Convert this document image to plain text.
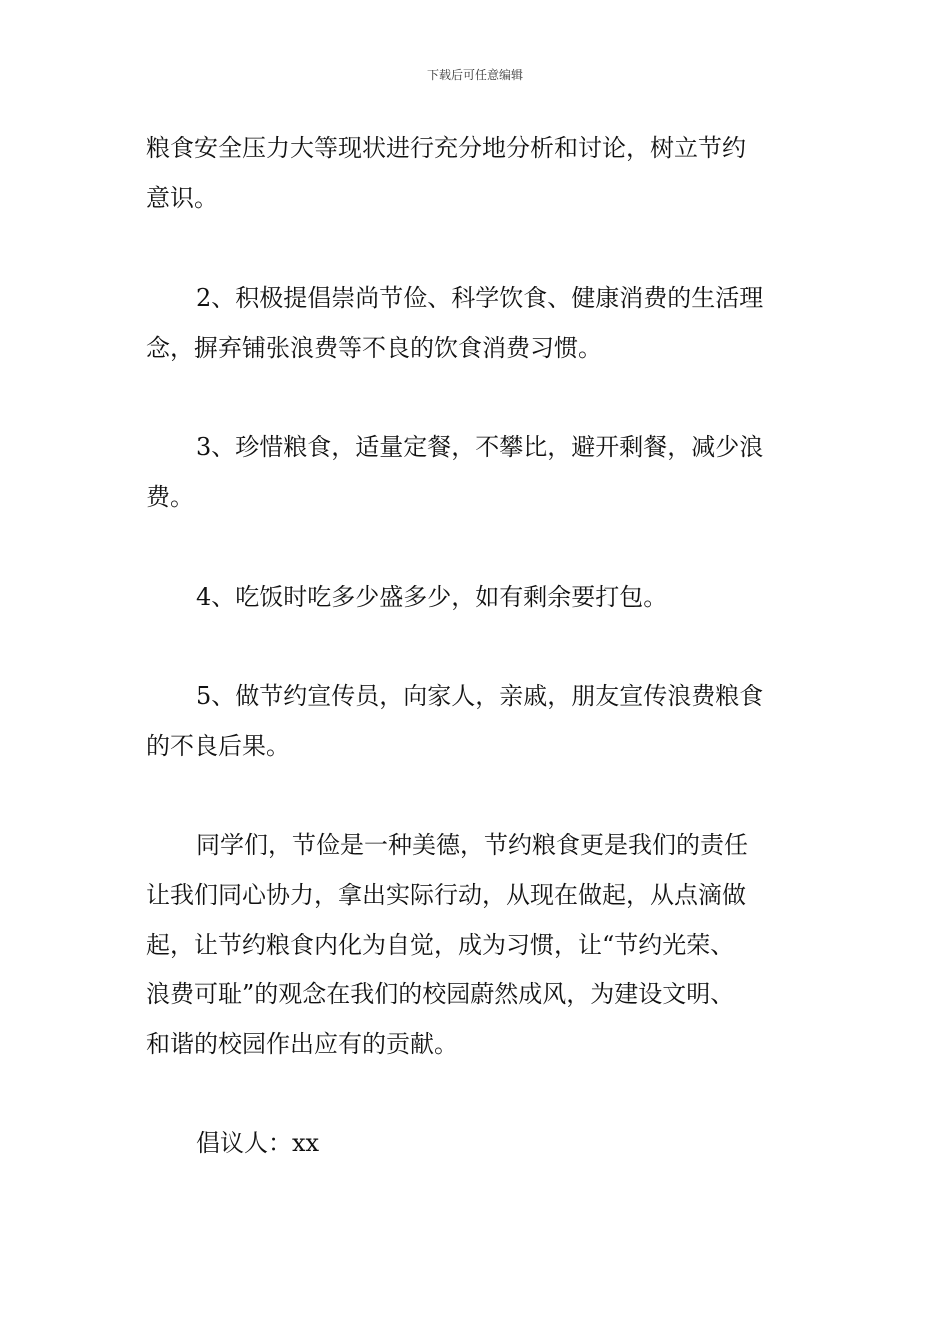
下载后可任意编辑
粮食安全压力大等现状进行充分地分析和讨论，树立节约
意识。
2、积极提倡崇尚节俭、科学饮食、健康消费的生活理
念，摒弃铺张浪费等不良的饮食消费习惯。
3、珍惜粮食，适量定餐，不攀比，避开剩餐，减少浪
费。
4、吃饭时吃多少盛多少，如有剩余要打包。
5、做节约宣传员，向家人，亲戚，朋友宣传浪费粮食
的不良后果。
同学们，节俭是一种美德，节约粮食更是我们的责任
让我们同心协力，拿出实际行动，从现在做起，从点滴做
起，让节约粮食内化为自觉，成为习惯，让“节约光荣、
浪费可耻”的观念在我们的校园蔚然成风，为建设文明、
和谐的校园作出应有的贡献。
倡议人：xx
